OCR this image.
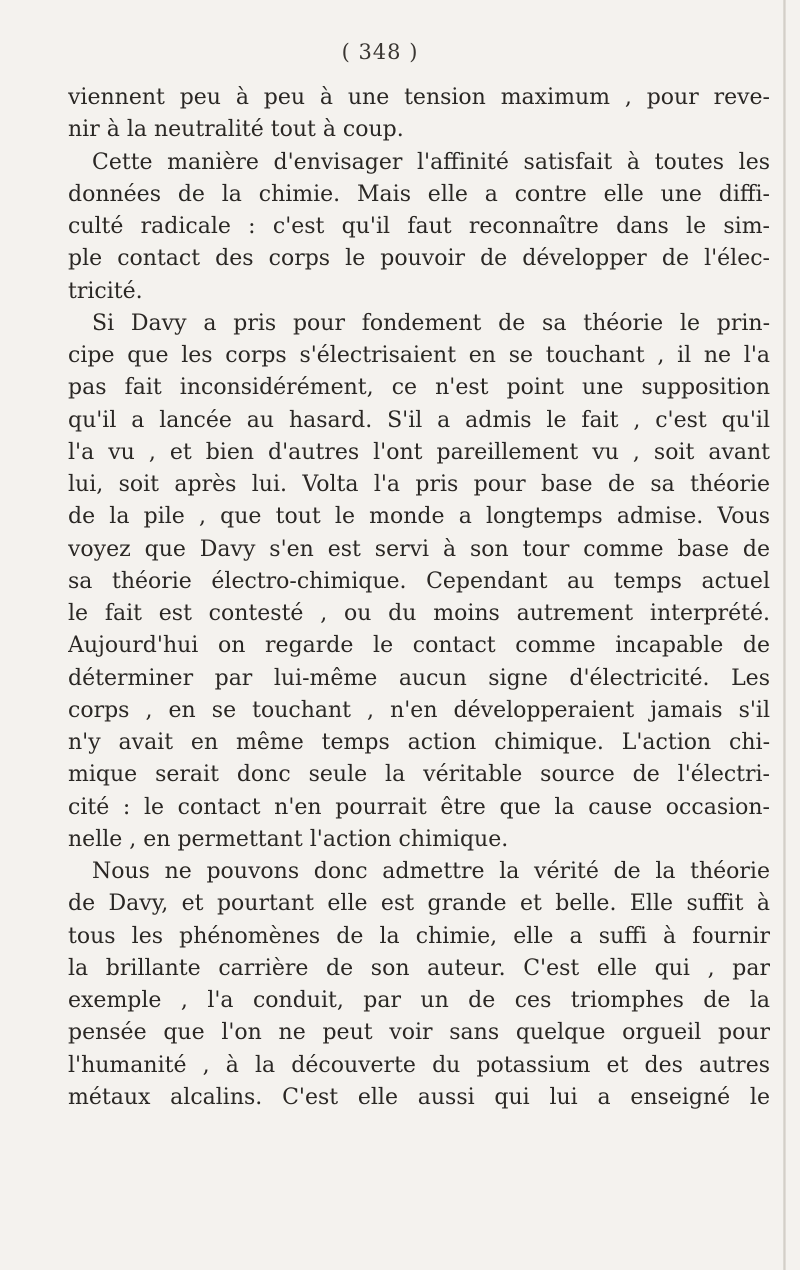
( 348 )
viennent peu à peu à une tension maximum , pour reve-
nir à la neutralité tout à coup.
Cette manière d'envisager l'affinité satisfait à toutes les
données de la chimie. Mais elle a contre elle une diffi-
culté radicale : c'est qu'il faut reconnaître dans le sim-
ple contact des corps le pouvoir de développer de l'élec-
tricité.
Si Davy a pris pour fondement de sa théorie le prin-
cipe que les corps s'électrisaient en se touchant , il ne l'a
pas fait inconsidérément, ce n'est point une supposition
qu'il a lancée au hasard. S'il a admis le fait , c'est qu'il
l'a vu , et bien d'autres l'ont pareillement vu , soit avant
lui, soit après lui. Volta l'a pris pour base de sa théorie
de la pile , que tout le monde a longtemps admise. Vous
voyez que Davy s'en est servi à son tour comme base de
sa théorie électro-chimique. Cependant au temps actuel
le fait est contesté , ou du moins autrement interprété.
Aujourd'hui on regarde le contact comme incapable de
déterminer par lui-même aucun signe d'électricité. Les
corps , en se touchant , n'en développeraient jamais s'il
n'y avait en même temps action chimique. L'action chi-
mique serait donc seule la véritable source de l'électri-
cité : le contact n'en pourrait être que la cause occasion-
nelle , en permettant l'action chimique.
Nous ne pouvons donc admettre la vérité de la théorie
de Davy, et pourtant elle est grande et belle. Elle suffit à
tous les phénomènes de la chimie, elle a suffi à fournir
la brillante carrière de son auteur. C'est elle qui , par
exemple , l'a conduit, par un de ces triomphes de la
pensée que l'on ne peut voir sans quelque orgueil pour
l'humanité , à la découverte du potassium et des autres
métaux alcalins. C'est elle aussi qui lui a enseigné le
